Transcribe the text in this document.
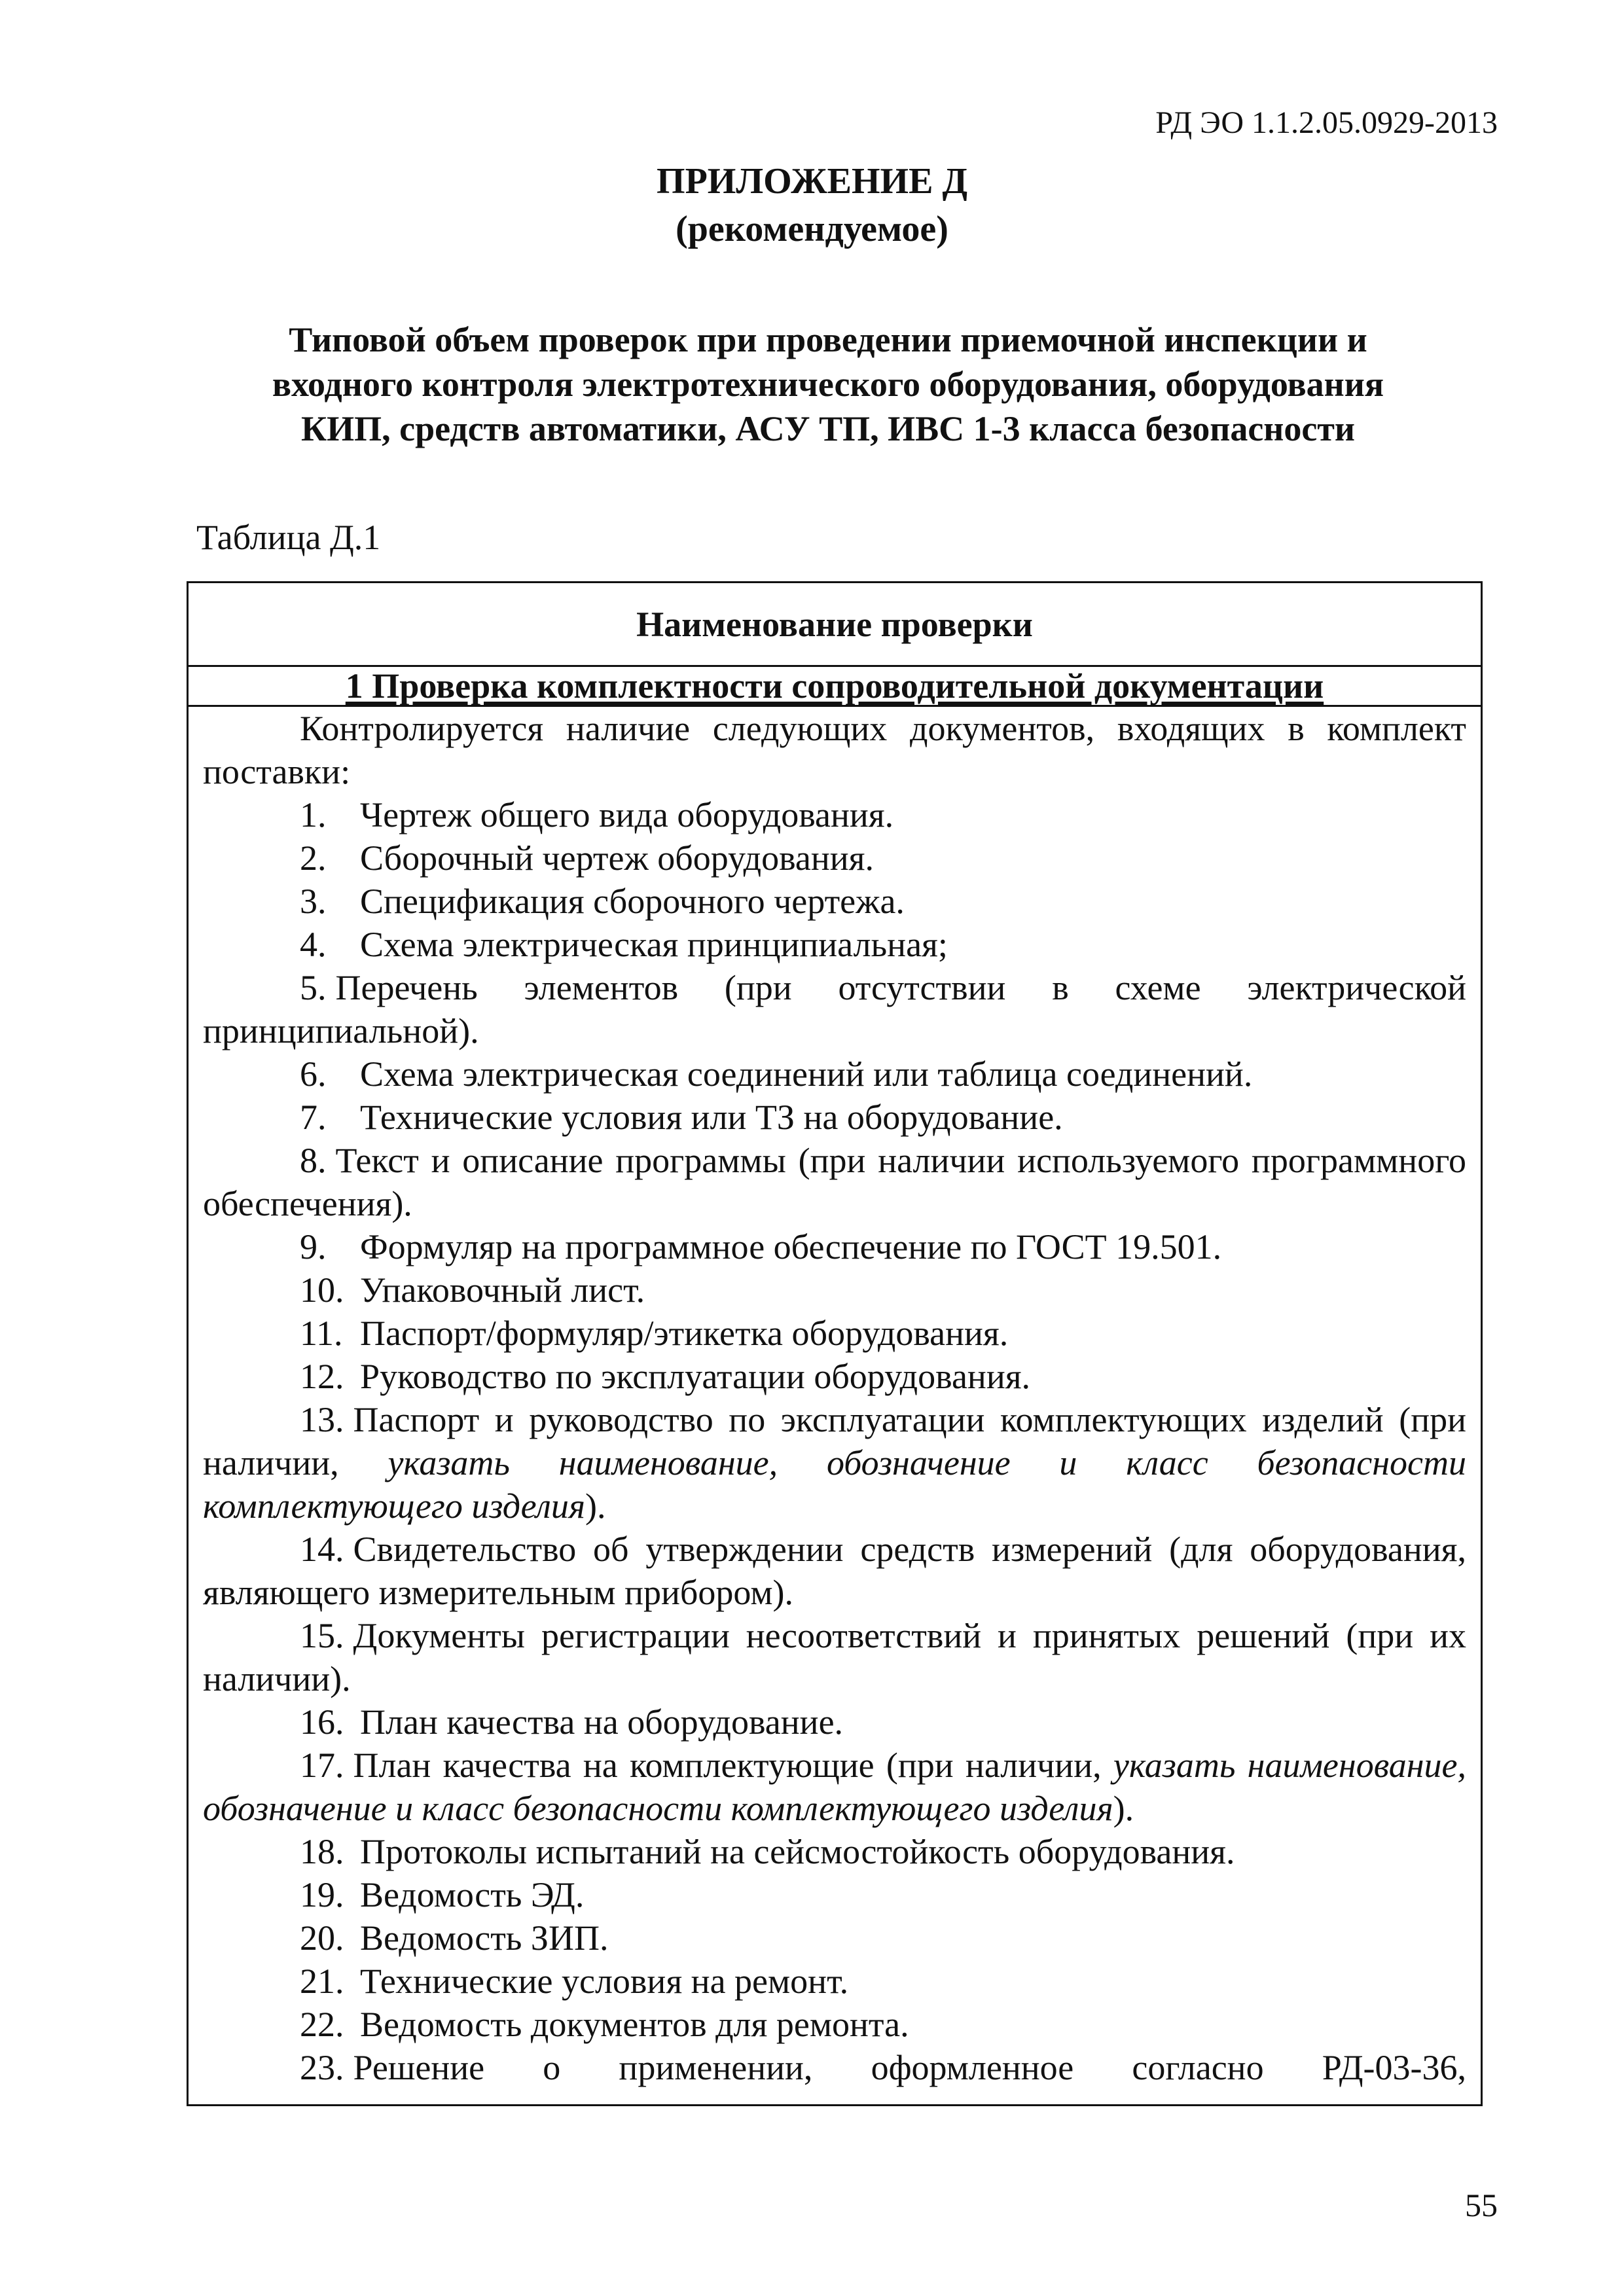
РД ЭО 1.1.2.05.0929-2013
ПРИЛОЖЕНИЕ Д
(рекомендуемое)
Типовой объем проверок при проведении приемочной инспекции и
входного контроля электротехнического оборудования, оборудования
КИП, средств автоматики, АСУ ТП, ИВС 1-3 класса безопасности
Таблица Д.1
Наименование проверки
1 Проверка комплектности сопроводительной документации

Контролируется наличие следующих документов, входящих в комплект поставки:

1. Чертеж общего вида оборудования.
2. Сборочный чертеж оборудования.
3. Спецификация сборочного чертежа.
4. Схема электрическая принципиальная;
5. Перечень элементов (при отсутствии в схеме электрической принципиальной).
6. Схема электрическая соединений или таблица соединений.
7. Технические условия или ТЗ на оборудование.
8. Текст и описание программы (при наличии используемого программного обеспечения).
9. Формуляр на программное обеспечение по ГОСТ 19.501.
10. Упаковочный лист.
11. Паспорт/формуляр/этикетка оборудования.
12. Руководство по эксплуатации оборудования.
13. Паспорт и руководство по эксплуатации комплектующих изделий (при наличии, указать наименование, обозначение и класс безопасности комплектующего изделия).
14. Свидетельство об утверждении средств измерений (для оборудования, являющего измерительным прибором).
15. Документы регистрации несоответствий и принятых решений (при их наличии).
16. План качества на оборудование.
17. План качества на комплектующие (при наличии, указать наименование, обозначение и класс безопасности комплектующего изделия).
18. Протоколы испытаний на сейсмостойкость оборудования.
19. Ведомость ЭД.
20. Ведомость ЗИП.
21. Технические условия на ремонт.
22. Ведомость документов для ремонта.
23. Решение о применении, оформленное согласно РД-03-36,
55
